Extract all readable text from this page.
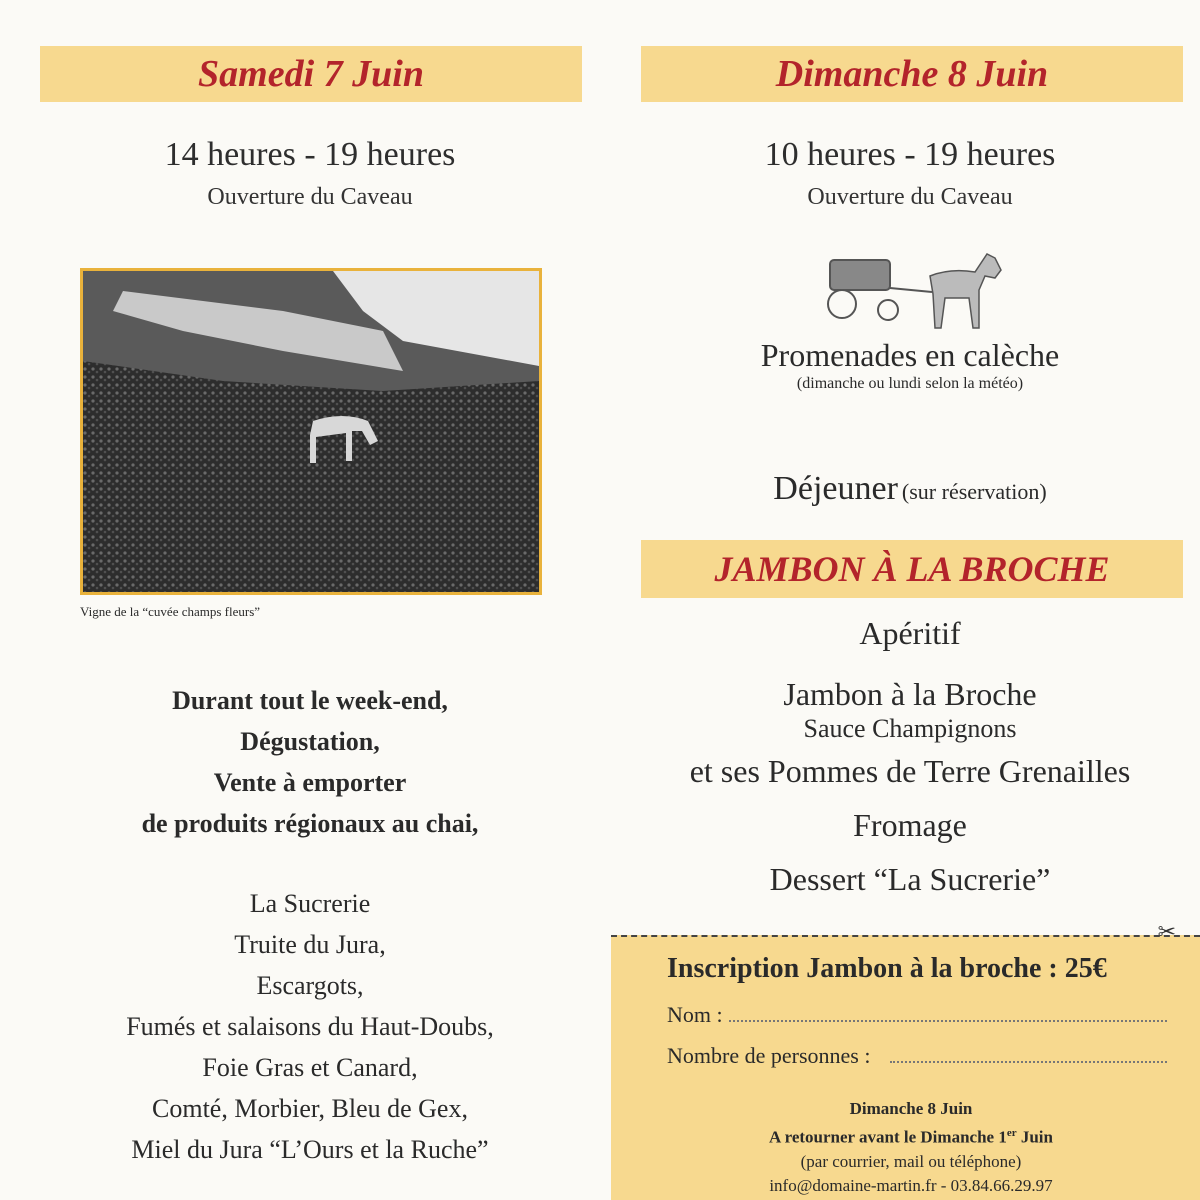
Samedi 7 Juin
14 heures - 19 heures
Ouverture du Caveau
Vigne de la “cuvée champs fleurs”
Durant tout le week-end,
Dégustation,
Vente à emporter
de produits régionaux au chai,
La Sucrerie
Truite du Jura,
Escargots,
Fumés et salaisons du Haut-Doubs,
Foie Gras et Canard,
Comté, Morbier, Bleu de Gex,
Miel du Jura “L’Ours et la Ruche”
Dimanche 8 Juin
10 heures - 19 heures
Ouverture du Caveau
Promenades en calèche
(dimanche ou lundi selon la météo)
Déjeuner (sur réservation)
JAMBON À LA BROCHE
Apéritif
Jambon à la Broche
Sauce Champignons
et ses Pommes de Terre Grenailles
Fromage
Dessert “La Sucrerie”
✂
Inscription Jambon à la broche : 25€
Nom :
Nombre de personnes :
Dimanche 8 Juin
A retourner avant le Dimanche 1er Juin
(par courrier, mail ou téléphone)
info@domaine-martin.fr - 03.84.66.29.97
